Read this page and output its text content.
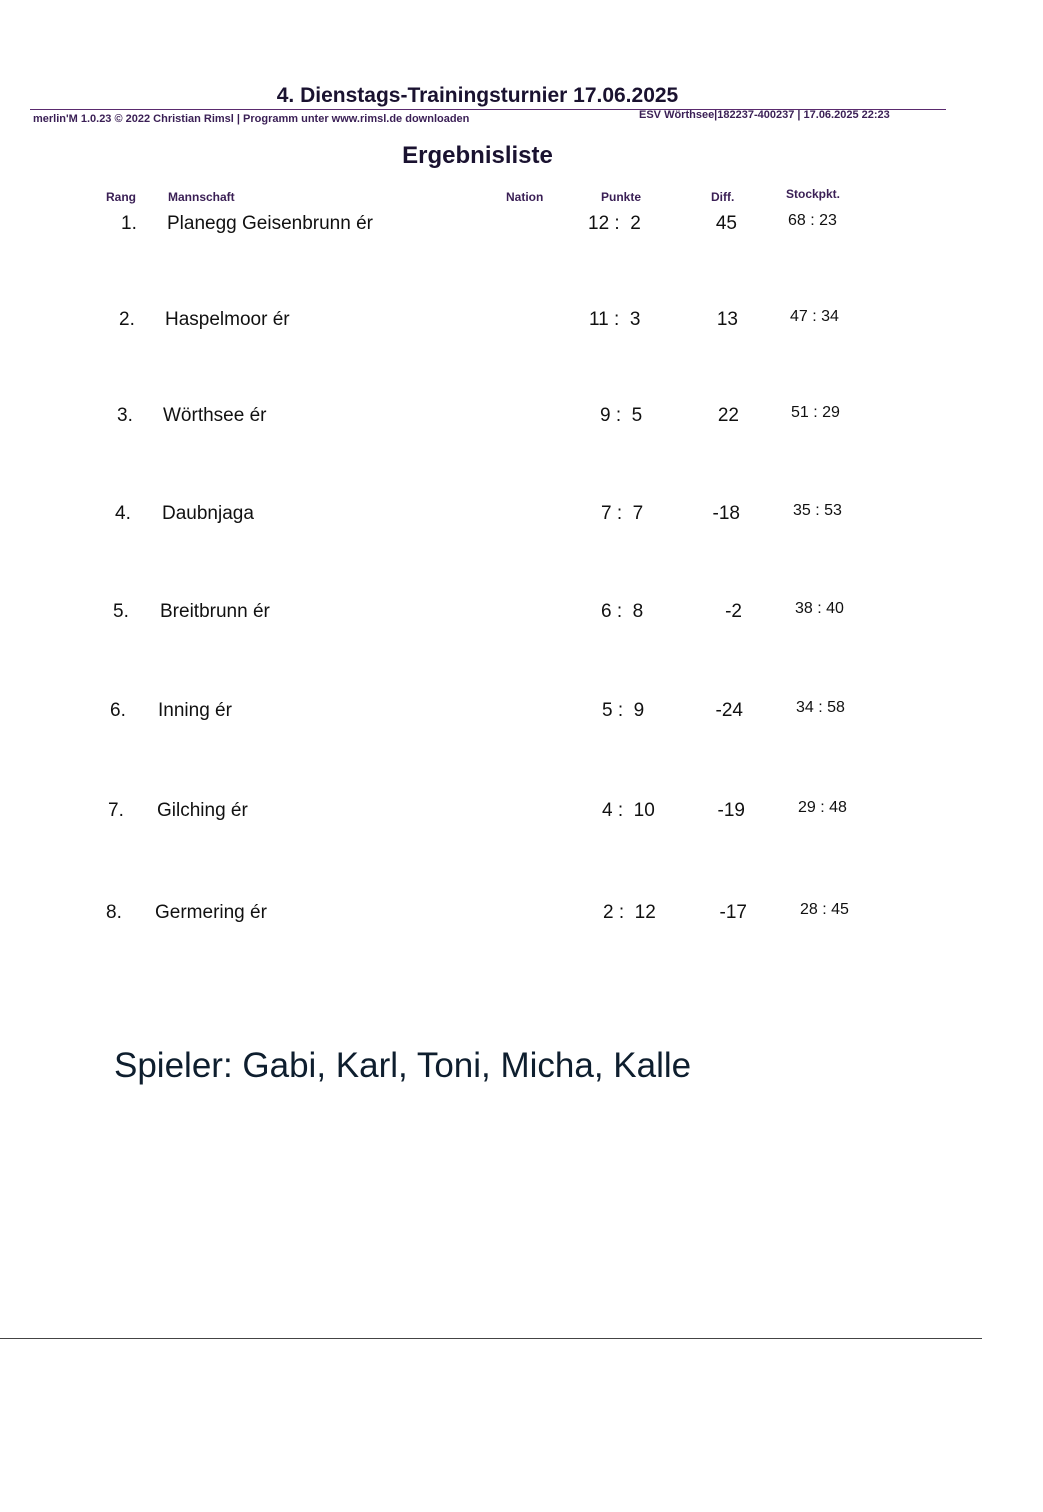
4. Dienstags-Trainingsturnier 17.06.2025
merlin'M 1.0.23 © 2022 Christian Rimsl | Programm unter www.rimsl.de downloaden	ESV Wörthsee|182237-400237 | 17.06.2025 22:23
Ergebnisliste
Rang	Mannschaft	Nation	Punkte	Diff.	Stockpkt.
1. Planegg Geisenbrunn ér	12 :  2	45	68 : 23
2. Haspelmoor ér	11 :  3	13	47 : 34
3. Wörthsee ér	9 :  5	22	51 : 29
4. Daubnjaga	7 :  7	-18	35 : 53
5. Breitbrunn ér	6 :  8	-2	38 : 40
6. Inning ér	5 :  9	-24	34 : 58
7. Gilching ér	4 :  10	-19	29 : 48
8. Germering ér	2 :  12	-17	28 : 45
Spieler: Gabi, Karl, Toni, Micha, Kalle
